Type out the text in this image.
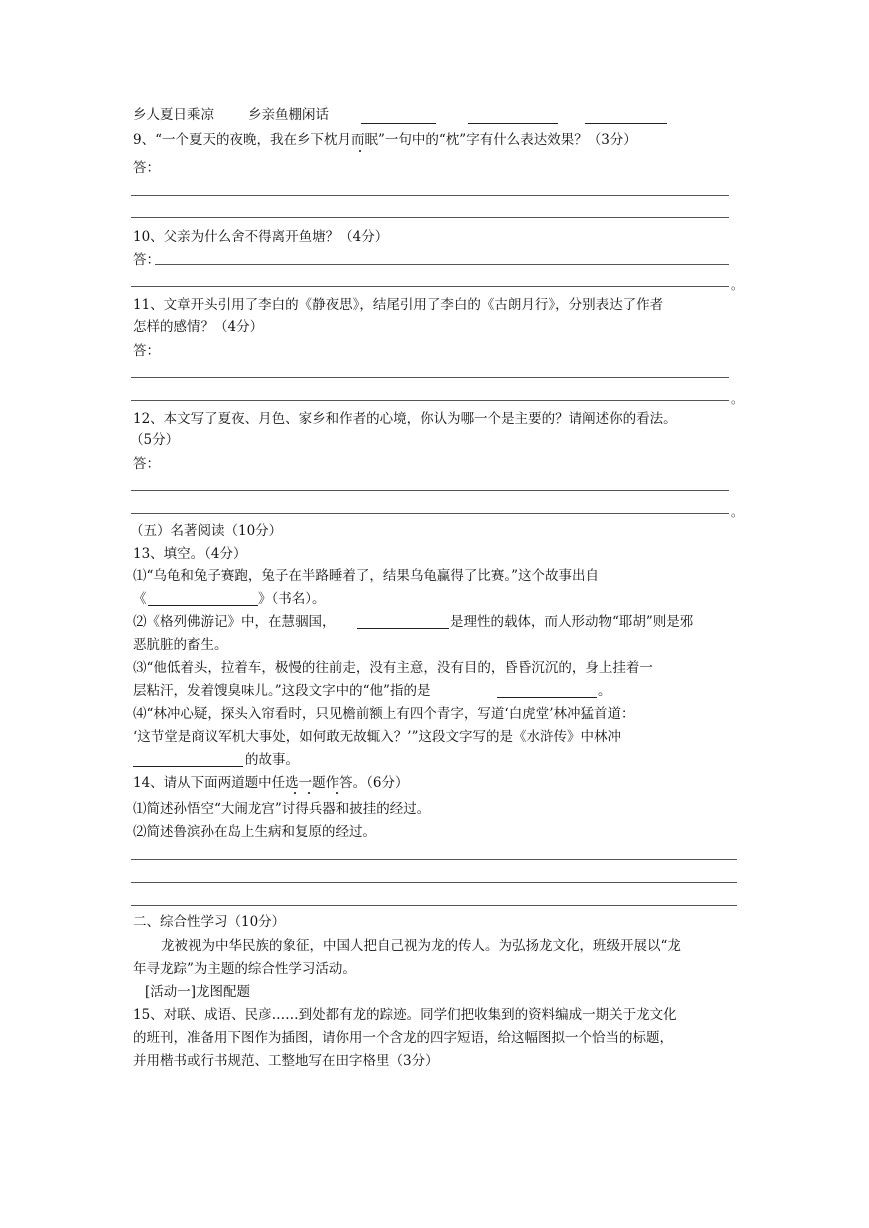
乡人夏日乘凉	乡亲鱼棚闲话
9、“一个夏天的夜晚，我在乡下枕月而眠”一句中的“枕”字有什么表达效果？（3分）
答：
10、父亲为什么舍不得离开鱼塘？（4分）
答：
。
11、文章开头引用了李白的《静夜思》，结尾引用了李白的《古朗月行》，分别表达了作者
怎样的感情？（4分）
答：
。
12、本文写了夏夜、月色、家乡和作者的心境，你认为哪一个是主要的？请阐述你的看法。
（5分）
答：
。
（五）名著阅读（10分）
13、填空。（4分）
⑴“乌龟和兔子赛跑，兔子在半路睡着了，结果乌龟赢得了比赛。”这个故事出自
《	》（书名）。
⑵《格列佛游记》中，在慧骃国，	是理性的载体，而人形动物“耶胡”则是邪
恶肮脏的畜生。
⑶“他低着头，拉着车，极慢的往前走，没有主意，没有目的，昏昏沉沉的，身上挂着一
层粘汗，发着馊臭味儿。”这段文字中的“他”指的是	。
⑷“林冲心疑，探头入帘看时，只见檐前额上有四个青字，写道‘白虎堂’林冲猛首道：
‘这节堂是商议军机大事处，如何敢无故辄入？’”这段文字写的是《水浒传》中林冲
的故事。
14、请从下面两道题中任选一题作答。（6分）
⑴简述孙悟空“大闹龙宫”讨得兵器和披挂的经过。
⑵简述鲁滨孙在岛上生病和复原的经过。
二、综合性学习（10分）
龙被视为中华民族的象征，中国人把自己视为龙的传人。为弘扬龙文化，班级开展以“龙
年寻龙踪”为主题的综合性学习活动。
[活动一]龙图配题
15、对联、成语、民彦……到处都有龙的踪迹。同学们把收集到的资料编成一期关于龙文化
的班刊，准备用下图作为插图，请你用一个含龙的四字短语，给这幅图拟一个恰当的标题，
并用楷书或行书规范、工整地写在田字格里（3分）
